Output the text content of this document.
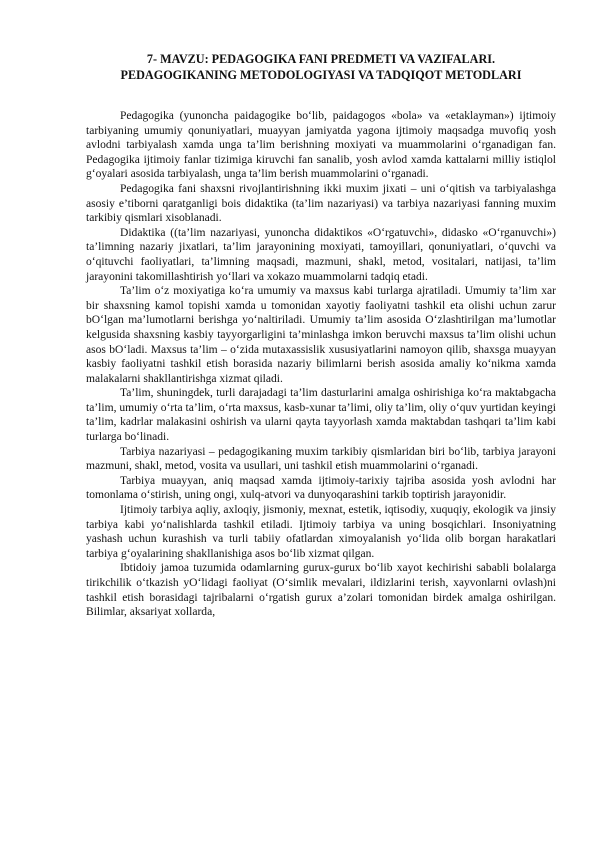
7- MAVZU: PEDAGOGIKA FANI PREDMETI VA VAZIFALARI.
PEDAGOGIKANING METODOLOGIYASI VA TADQIQOT METODLARI

Pedagogika (yunoncha paidagogike bo‘lib, paidagogos «bola» va «etaklayman») ijtimoiy tarbiyaning umumiy qonuniyatlari, muayyan jamiyatda yagona ijtimoiy maqsadga muvofiq yosh avlodni tarbiyalash xamda unga ta’lim berishning moxiyati va muammolarini o‘rganadigan fan. Pedagogika ijtimoiy fanlar tizimiga kiruvchi fan sanalib, yosh avlod xamda kattalarni milliy istiqlol g‘oyalari asosida tarbiyalash, unga ta’lim berish muammolarini o‘rganadi.

Pedagogika fani shaxsni rivojlantirishning ikki muxim jixati – uni o‘qitish va tarbiyalashga asosiy e’tiborni qaratganligi bois didaktika (ta’lim nazariyasi) va tarbiya nazariyasi fanning muxim tarkibiy qismlari xisoblanadi.

Didaktika ((ta’lim nazariyasi, yunoncha didaktikos «O‘rgatuvchi», didasko «O‘rganuvchi») ta’limning nazariy jixatlari, ta’lim jarayonining moxiyati, tamoyillari, qonuniyatlari, o‘quvchi va o‘qituvchi faoliyatlari, ta’limning maqsadi, mazmuni, shakl, metod, vositalari, natijasi, ta’lim jarayonini takomillashtirish yo‘llari va xokazo muammolarni tadqiq etadi.

Ta’lim o‘z moxiyatiga ko‘ra umumiy va maxsus kabi turlarga ajratiladi. Umumiy ta’lim xar bir shaxsning kamol topishi xamda u tomonidan xayotiy faoliyatni tashkil eta olishi uchun zarur bO‘lgan ma’lumotlarni berishga yo‘naltiriladi. Umumiy ta’lim asosida O‘zlashtirilgan ma’lumotlar kelgusida shaxsning kasbiy tayyorgarligini ta’minlashga imkon beruvchi maxsus ta’lim olishi uchun asos bO‘ladi. Maxsus ta’lim – o‘zida mutaxassislik xususiyatlarini namoyon qilib, shaxsga muayyan kasbiy faoliyatni tashkil etish borasida nazariy bilimlarni berish asosida amaliy ko‘nikma xamda malakalarni shakllantirishga xizmat qiladi.

Ta’lim, shuningdek, turli darajadagi ta’lim dasturlarini amalga oshirishiga ko‘ra maktabgacha ta’lim, umumiy o‘rta ta’lim, o‘rta maxsus, kasb-xunar ta’limi, oliy ta’lim, oliy o‘quv yurtidan keyingi ta’lim, kadrlar malakasini oshirish va ularni qayta tayyorlash xamda maktabdan tashqari ta’lim kabi turlarga bo‘linadi.

Tarbiya nazariyasi – pedagogikaning muxim tarkibiy qismlaridan biri bo‘lib, tarbiya jarayoni mazmuni, shakl, metod, vosita va usullari, uni tashkil etish muammolarini o‘rganadi.

Tarbiya muayyan, aniq maqsad xamda ijtimoiy-tarixiy tajriba asosida yosh avlodni har tomonlama o‘stirish, uning ongi, xulq-atvori va dunyoqarashini tarkib toptirish jarayonidir.

Ijtimoiy tarbiya aqliy, axloqiy, jismoniy, mexnat, estetik, iqtisodiy, xuquqiy, ekologik va jinsiy tarbiya kabi yo‘nalishlarda tashkil etiladi. Ijtimoiy tarbiya va uning bosqichlari. Insoniyatning yashash uchun kurashish va turli tabiiy ofatlardan ximoyalanish yo‘lida olib borgan harakatlari tarbiya g‘oyalarining shakllanishiga asos bo‘lib xizmat qilgan.

Ibtidoiy jamoa tuzumida odamlarning gurux-gurux bo‘lib xayot kechirishi sababli bolalarga tirikchilik o‘tkazish yO‘lidagi faoliyat (O‘simlik mevalari, ildizlarini terish, xayvonlarni ovlash)ni tashkil etish borasidagi tajribalarni o‘rgatish gurux a’zolari tomonidan birdek amalga oshirilgan. Bilimlar, aksariyat xollarda,
